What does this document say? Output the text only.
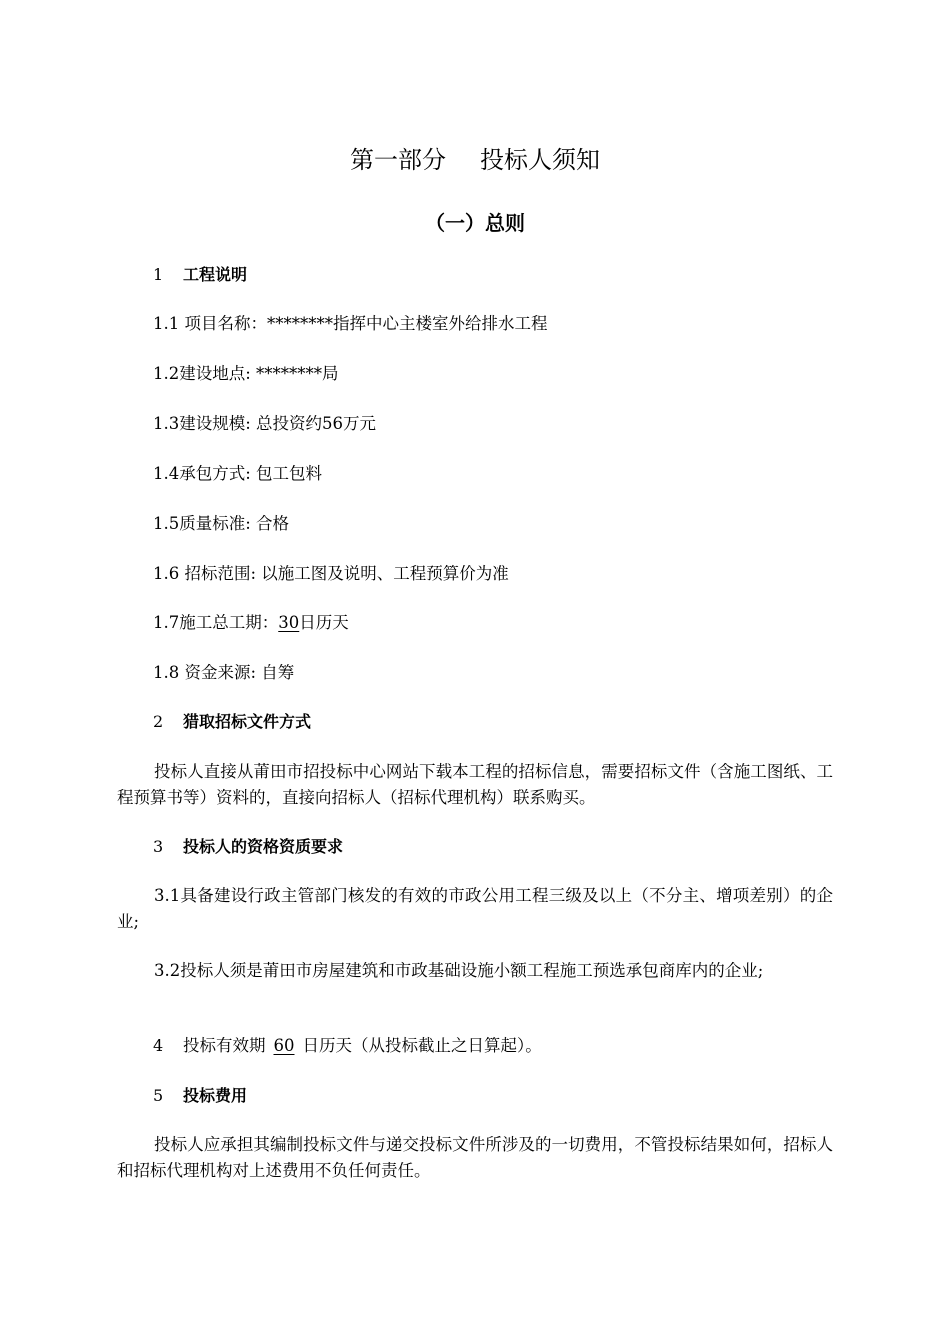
第一部分 投标人须知
（一）总则
1 工程说明
1.1 项目名称：********指挥中心主楼室外给排水工程
1.2建设地点: ********局
1.3建设规模: 总投资约56万元
1.4承包方式: 包工包料
1.5质量标准: 合格
1.6 招标范围: 以施工图及说明、工程预算价为准
1.7施工总工期：30日历天
1.8 资金来源: 自筹
2 猎取招标文件方式
投标人直接从莆田市招投标中心网站下载本工程的招标信息，需要招标文件（含施工图纸、工程预算书等）资料的，直接向招标人（招标代理机构）联系购买。
3 投标人的资格资质要求
3.1具备建设行政主管部门核发的有效的市政公用工程三级及以上（不分主、增项差别）的企业;
3.2投标人须是莆田市房屋建筑和市政基础设施小额工程施工预选承包商库内的企业;
4 投标有效期 60 日历天（从投标截止之日算起）。
5 投标费用
投标人应承担其编制投标文件与递交投标文件所涉及的一切费用，不管投标结果如何，招标人和招标代理机构对上述费用不负任何责任。
